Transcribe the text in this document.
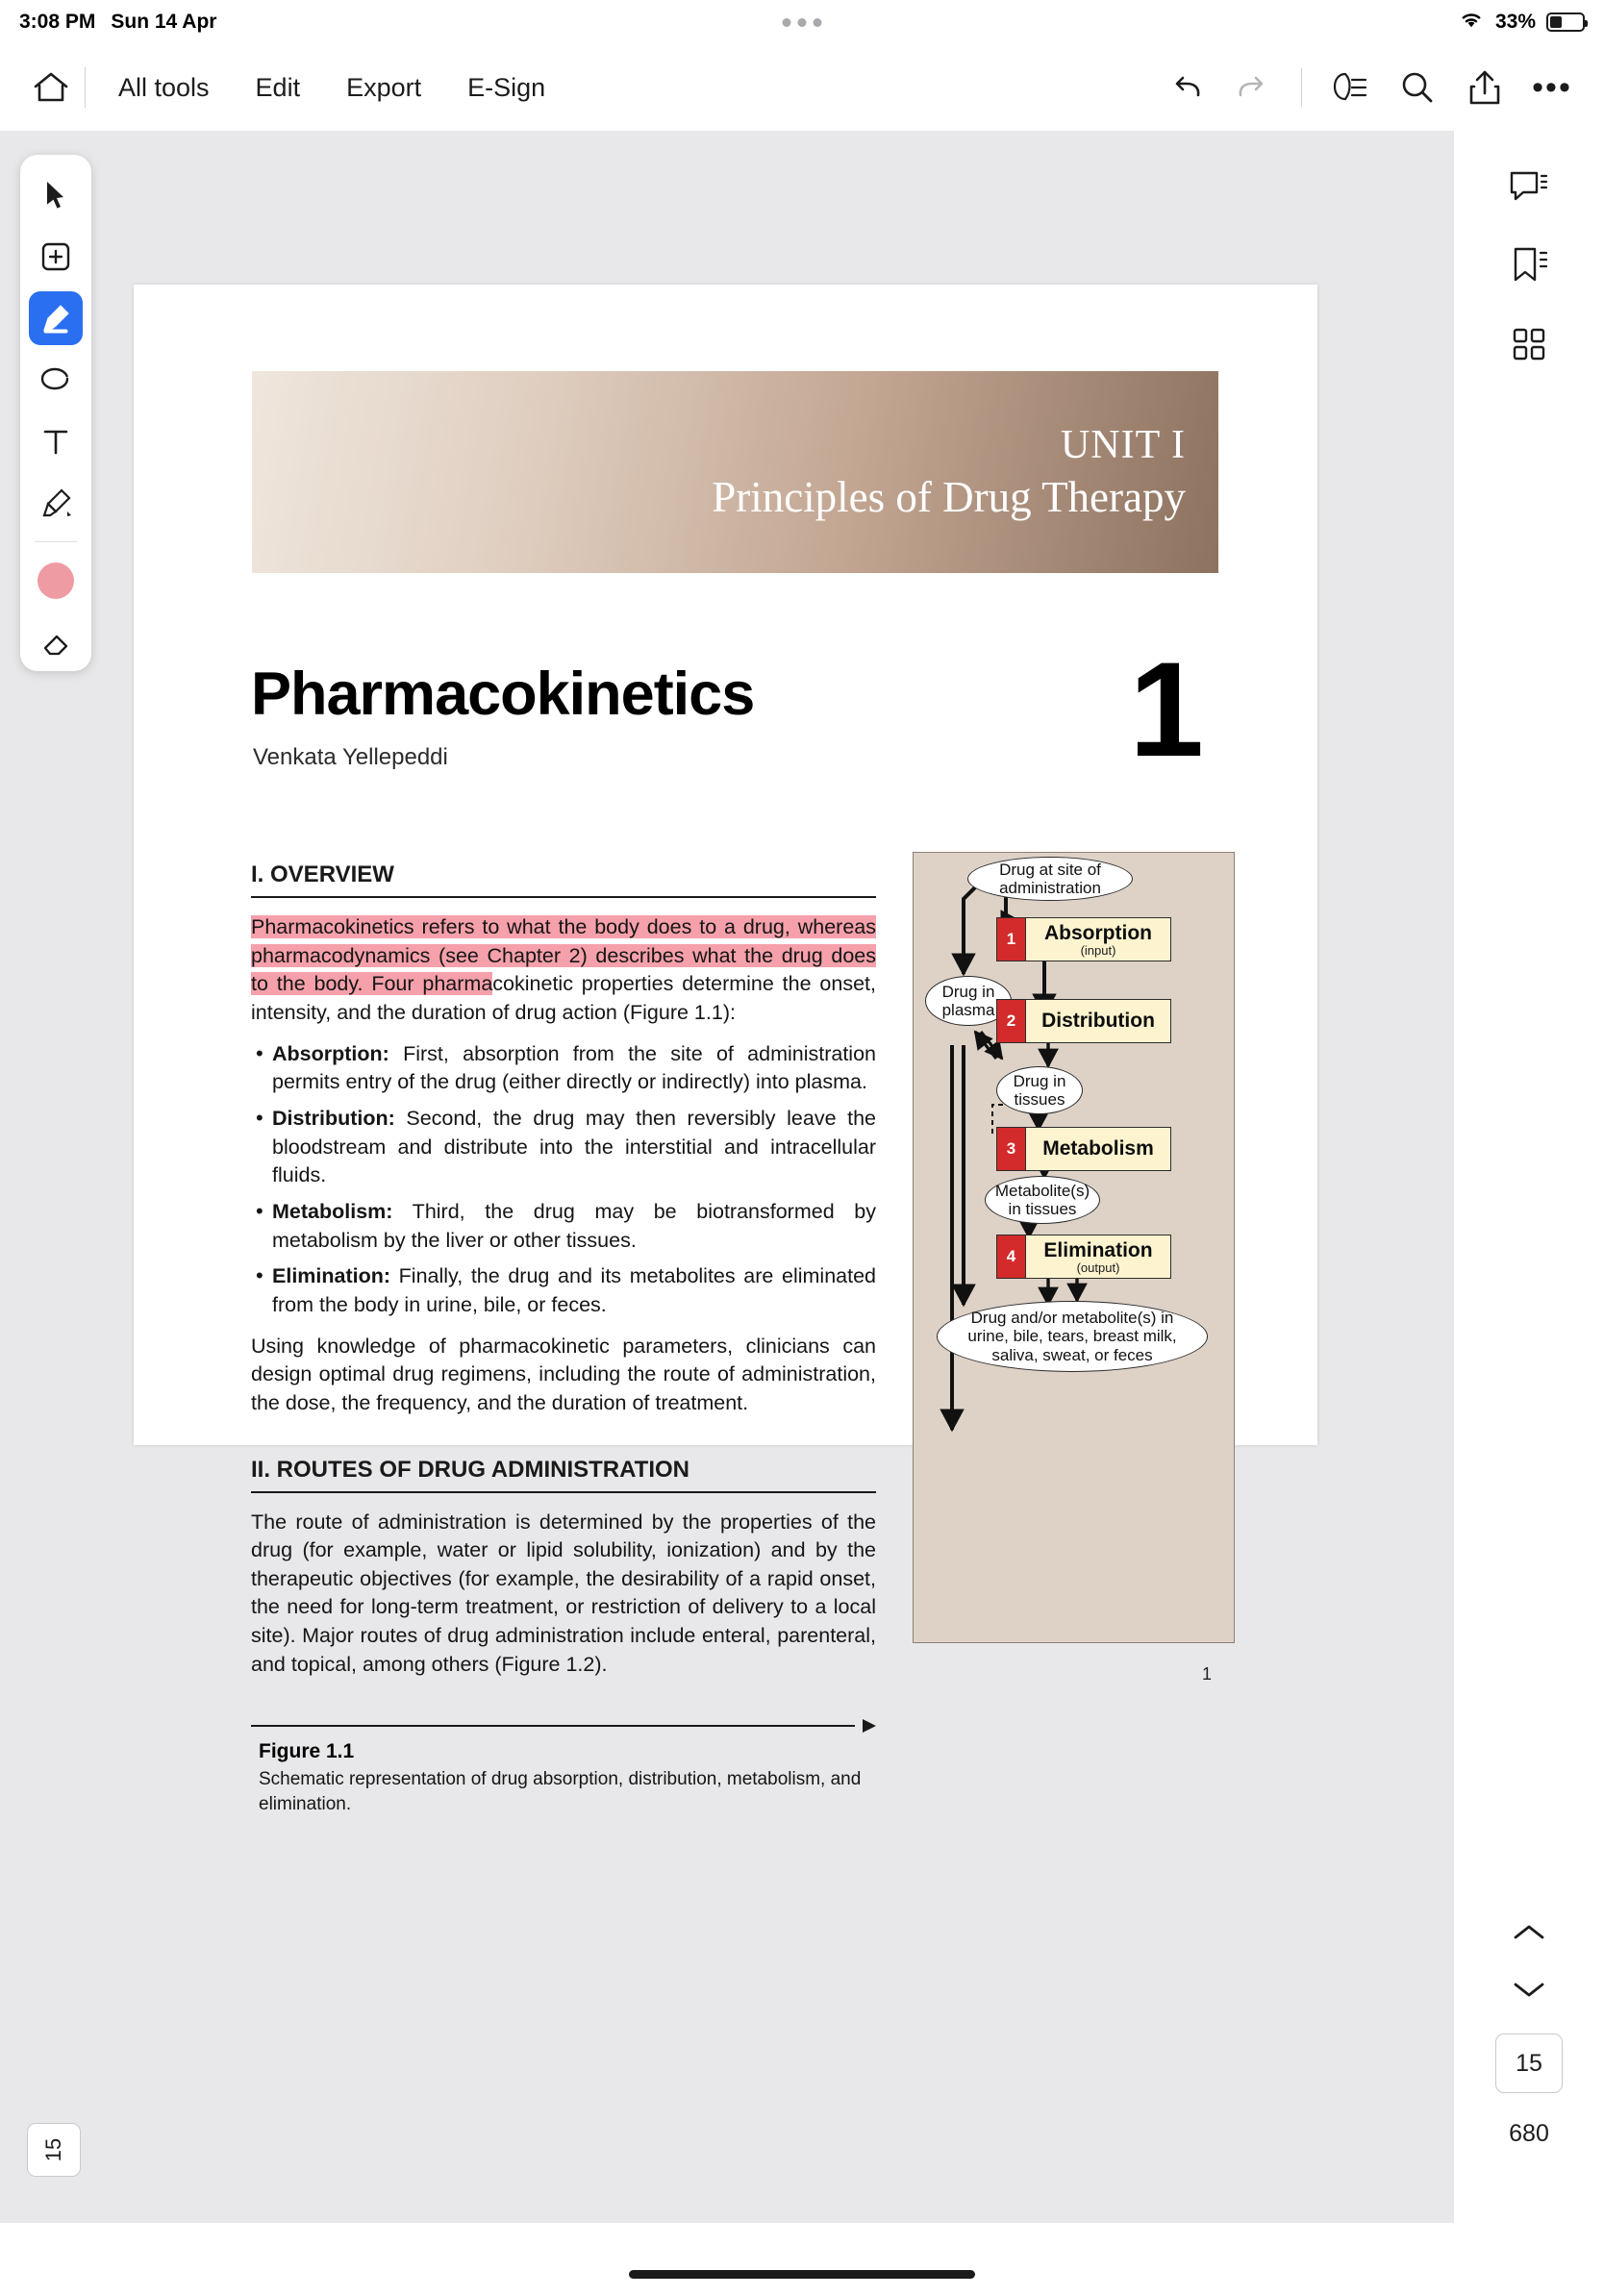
3:08 PM Sun 14 Apr	33%
All tools	Edit	Export	E-Sign	•••
UNIT I
Principles of Drug Therapy
Pharmacokinetics
Venkata Yellepeddi	1
I. OVERVIEW
Pharmacokinetics refers to what the body does to a drug, whereas pharmacodynamics (see Chapter 2) describes what the drug does to the body. Four pharmacokinetic properties determine the onset, intensity, and the duration of drug action (Figure 1.1):
• Absorption: First, absorption from the site of administration permits entry of the drug (either directly or indirectly) into plasma.
• Distribution: Second, the drug may then reversibly leave the bloodstream and distribute into the interstitial and intracellular fluids.
• Metabolism: Third, the drug may be biotransformed by metabolism by the liver or other tissues.
• Elimination: Finally, the drug and its metabolites are eliminated from the body in urine, bile, or feces.
Using knowledge of pharmacokinetic parameters, clinicians can design optimal drug regimens, including the route of administration, the dose, the frequency, and the duration of treatment.
II. ROUTES OF DRUG ADMINISTRATION
The route of administration is determined by the properties of the drug (for example, water or lipid solubility, ionization) and by the therapeutic objectives (for example, the desirability of a rapid onset, the need for long-term treatment, or restriction of delivery to a local site). Major routes of drug administration include enteral, parenteral, and topical, among others (Figure 1.2).
Figure 1.1
Schematic representation of drug absorption, distribution, metabolism, and elimination.
Drug at site of
administration
1	Absorption
(input)
Drug in
plasma
2	Distribution
Drug in
tissues
3	Metabolism
Metabolite(s)
in tissues
4	Elimination
(output)
Drug and/or metabolite(s) in
urine, bile, tears, breast milk,
saliva, sweat, or feces
1
15
15
680
